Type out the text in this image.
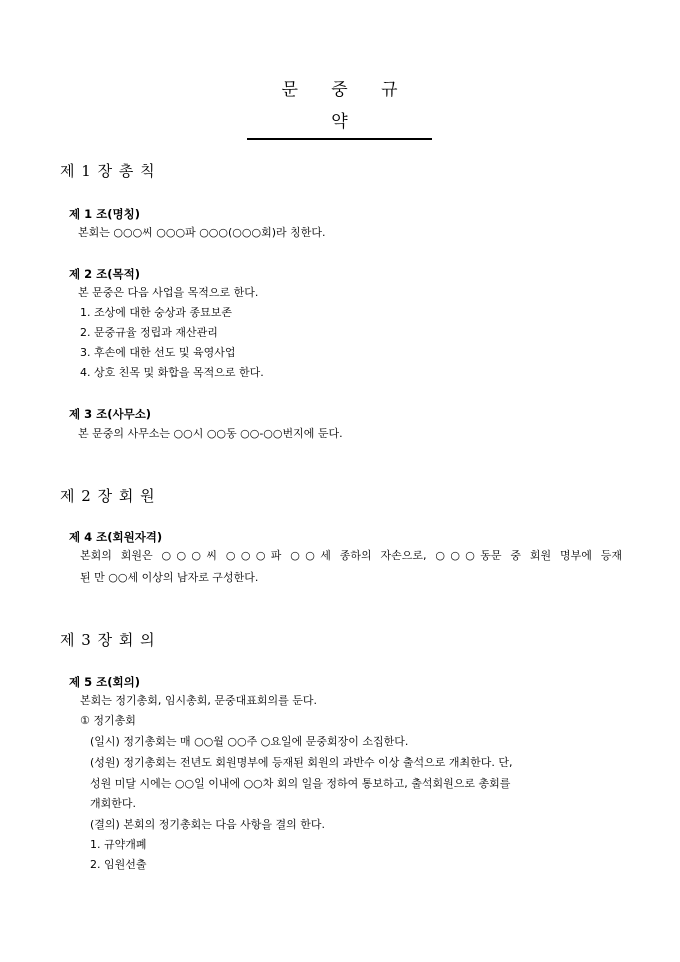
문 중 규 약
제 1 장 총 칙
제 1 조(명칭)
본회는 ○○○씨 ○○○파 ○○○(○○○회)라 칭한다.
제 2 조(목적)
본 문중은 다음 사업을 목적으로 한다.
1. 조상에 대한 숭상과 종묘보존
2. 문중규율 정립과 재산관리
3. 후손에 대한 선도 및 육영사업
4. 상호 친목 및 화합을 목적으로 한다.
제 3 조(사무소)
본 문중의 사무소는 ○○시 ○○동 ○○-○○번지에 둔다.
제 2 장 회 원
제 4 조(회원자격)
본회의 회원은 ○○○씨 ○○○파 ○○세 종하의 자손으로, ○○○동문 중 회원 명부에 등재
된 만 ○○세 이상의 남자로 구성한다.
제 3 장 회 의
제 5 조(회의)
본회는 정기총회, 임시총회, 문중대표회의를 둔다.
① 정기총회
(일시) 정기총회는 매 ○○월 ○○주 ○요일에 문중회장이 소집한다.
(성원) 정기총회는 전년도 회원명부에 등재된 회원의 과반수 이상 출석으로 개최한다. 단,
성원 미달 시에는 ○○일 이내에 ○○차 회의 일을 정하여 통보하고, 출석회원으로 총회를
개회한다.
(결의) 본회의 정기총회는 다음 사항을 결의 한다.
1. 규약개폐
2. 임원선출
